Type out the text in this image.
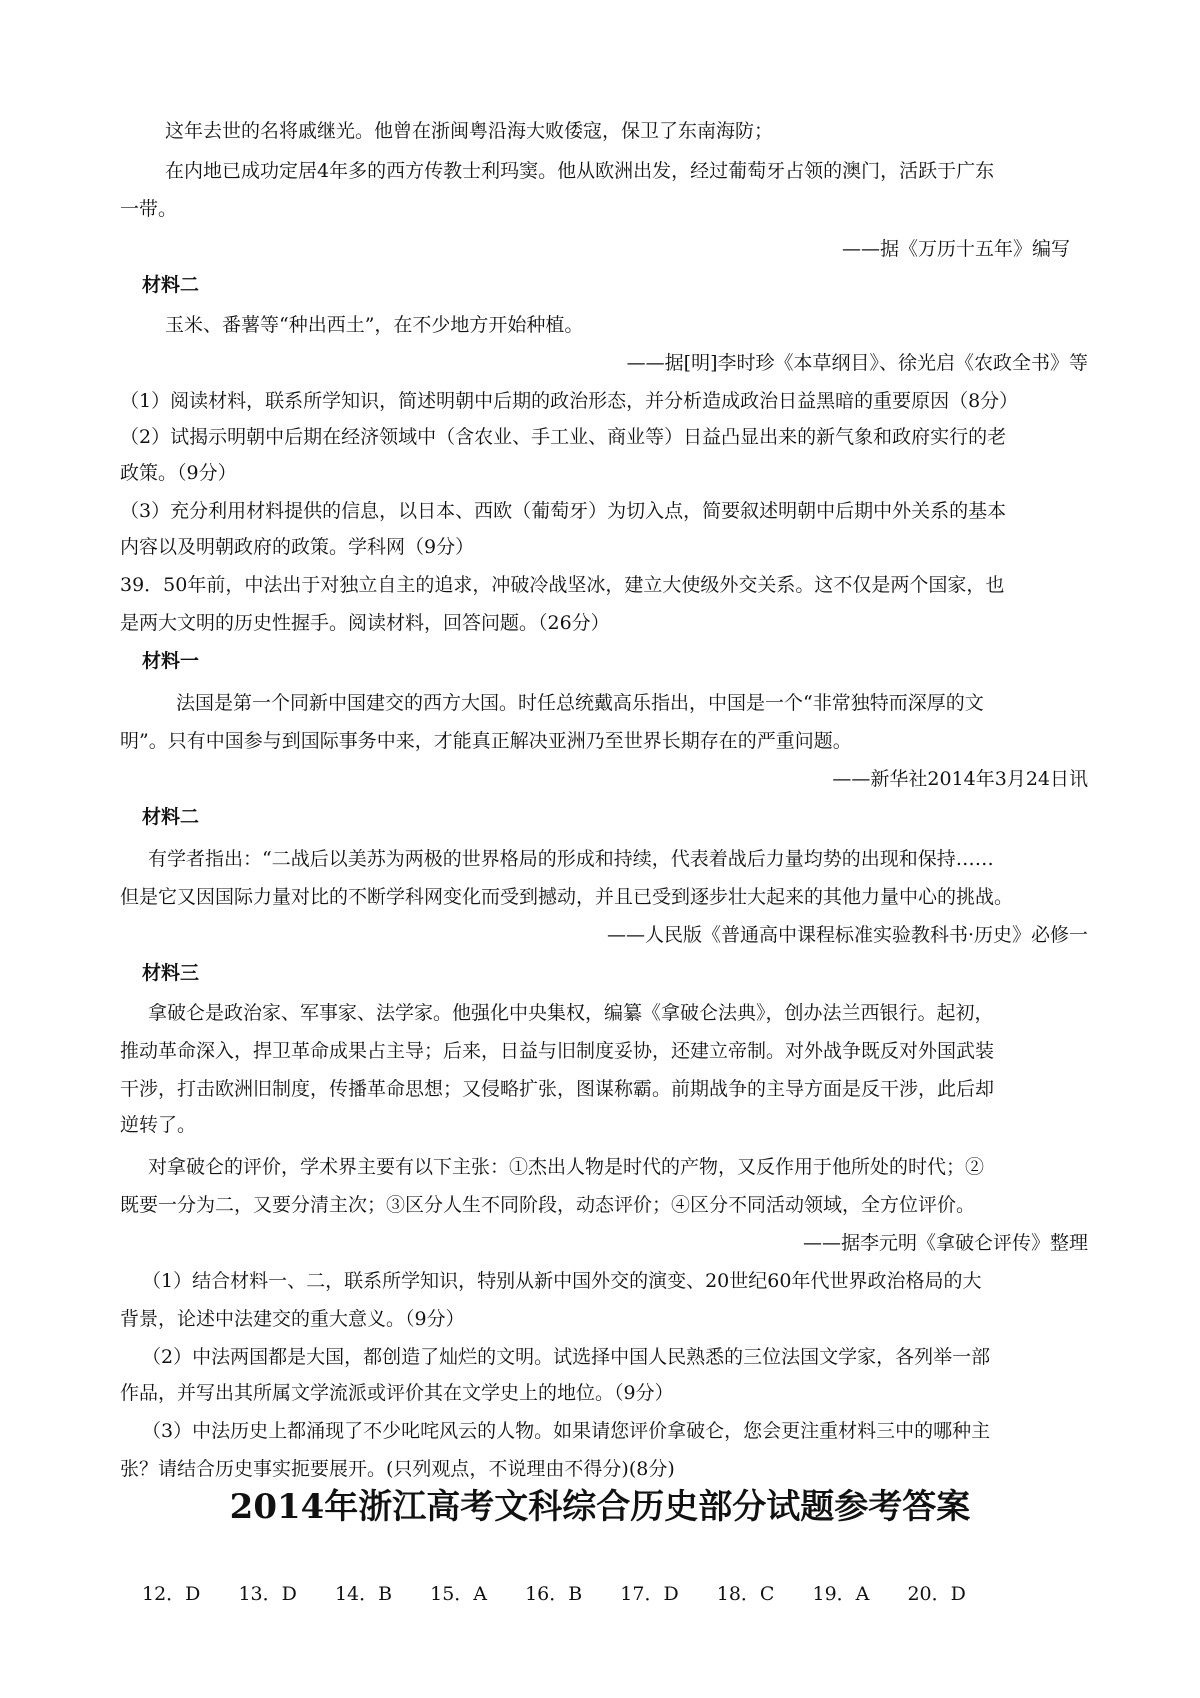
这年去世的名将戚继光。他曾在浙闽粤沿海大败倭寇，保卫了东南海防；
在内地已成功定居4年多的西方传教士利玛窦。他从欧洲出发，经过葡萄牙占领的澳门，活跃于广东
一带。
——据《万历十五年》编写
材料二
玉米、番薯等“种出西土”，在不少地方开始种植。
——据[明]李时珍《本草纲目》、徐光启《农政全书》等
（1）阅读材料，联系所学知识，简述明朝中后期的政治形态，并分析造成政治日益黑暗的重要原因（8分）
（2）试揭示明朝中后期在经济领域中（含农业、手工业、商业等）日益凸显出来的新气象和政府实行的老
政策。（9分）
（3）充分利用材料提供的信息，以日本、西欧（葡萄牙）为切入点，简要叙述明朝中后期中外关系的基本
内容以及明朝政府的政策。学科网（9分）
39．50年前，中法出于对独立自主的追求，冲破冷战坚冰，建立大使级外交关系。这不仅是两个国家，也
是两大文明的历史性握手。阅读材料，回答问题。（26分）
材料一
法国是第一个同新中国建交的西方大国。时任总统戴高乐指出，中国是一个“非常独特而深厚的文
明”。只有中国参与到国际事务中来，才能真正解决亚洲乃至世界长期存在的严重问题。
——新华社2014年3月24日讯
材料二
有学者指出：“二战后以美苏为两极的世界格局的形成和持续，代表着战后力量均势的出现和保持……
但是它又因国际力量对比的不断学科网变化而受到撼动，并且已受到逐步壮大起来的其他力量中心的挑战。
——人民版《普通高中课程标准实验教科书·历史》必修一
材料三
拿破仑是政治家、军事家、法学家。他强化中央集权，编纂《拿破仑法典》，创办法兰西银行。起初，
推动革命深入，捍卫革命成果占主导；后来，日益与旧制度妥协，还建立帝制。对外战争既反对外国武装
干涉，打击欧洲旧制度，传播革命思想；又侵略扩张，图谋称霸。前期战争的主导方面是反干涉，此后却
逆转了。
对拿破仑的评价，学术界主要有以下主张：①杰出人物是时代的产物，又反作用于他所处的时代；②
既要一分为二，又要分清主次；③区分人生不同阶段，动态评价；④区分不同活动领域，全方位评价。
——据李元明《拿破仑评传》整理
（1）结合材料一、二，联系所学知识，特别从新中国外交的演变、20世纪60年代世界政治格局的大
背景，论述中法建交的重大意义。（9分）
（2）中法两国都是大国，都创造了灿烂的文明。试选择中国人民熟悉的三位法国文学家，各列举一部
作品，并写出其所属文学流派或评价其在文学史上的地位。（9分）
（3）中法历史上都涌现了不少叱咤风云的人物。如果请您评价拿破仑，您会更注重材料三中的哪种主
张？请结合历史事实扼要展开。(只列观点，不说理由不得分)(8分)
2014年浙江高考文科综合历史部分试题参考答案
12．D 13．D 14．B 15．A 16．B 17．D 18．C 19．A 20．D
